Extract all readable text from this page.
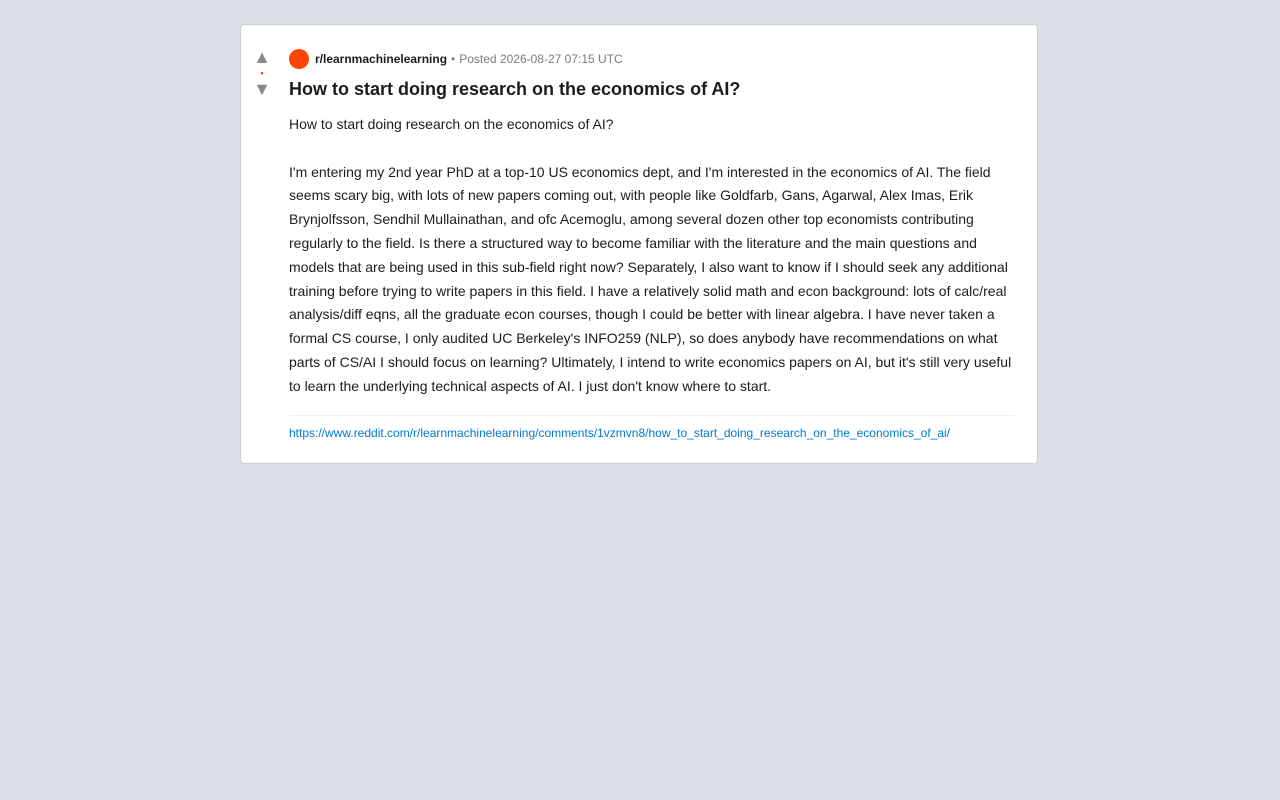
▲
•
▼
r/learnmachinelearning • Posted 2026-08-27 07:15 UTC
How to start doing research on the economics of AI?

How to start doing research on the economics of AI?

I'm entering my 2nd year PhD at a top-10 US economics dept, and I'm interested in the economics of AI. The field seems scary big, with lots of new papers coming out, with people like Goldfarb, Gans, Agarwal, Alex Imas, Erik Brynjolfsson, Sendhil Mullainathan, and ofc Acemoglu, among several dozen other top economists contributing regularly to the field. Is there a structured way to become familiar with the literature and the main questions and models that are being used in this sub-field right now? Separately, I also want to know if I should seek any additional training before trying to write papers in this field. I have a relatively solid math and econ background: lots of calc/real analysis/diff eqns, all the graduate econ courses, though I could be better with linear algebra. I have never taken a formal CS course, I only audited UC Berkeley's INFO259 (NLP), so does anybody have recommendations on what parts of CS/AI I should focus on learning? Ultimately, I intend to write economics papers on AI, but it's still very useful to learn the underlying technical aspects of AI. I just don't know where to start.

https://www.reddit.com/r/learnmachinelearning/comments/1vzmvn8/how_to_start_doing_research_on_the_economics_of_ai/
